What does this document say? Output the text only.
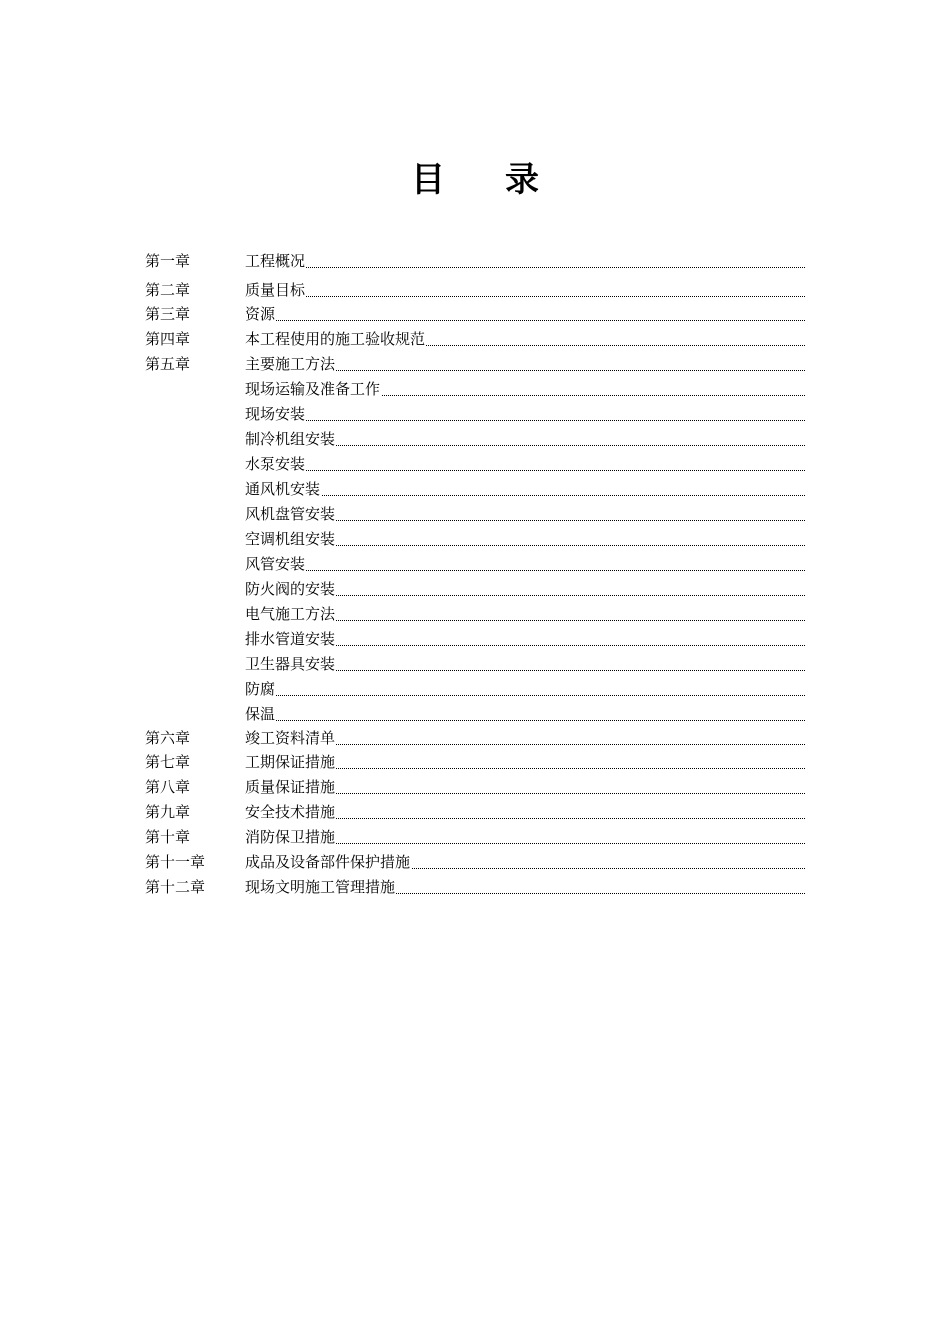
目 录
第一章	工程概况
第二章	质量目标
第三章	资源
第四章	本工程使用的施工验收规范
第五章	主要施工方法
现场运输及准备工作
现场安装
制冷机组安装
水泵安装
通风机安装
风机盘管安装
空调机组安装
风管安装
防火阀的安装
电气施工方法
排水管道安装
卫生器具安装
防腐
保温
第六章	竣工资料清单
第七章	工期保证措施
第八章	质量保证措施
第九章	安全技术措施
第十章	消防保卫措施
第十一章	成品及设备部件保护措施
第十二章	现场文明施工管理措施
